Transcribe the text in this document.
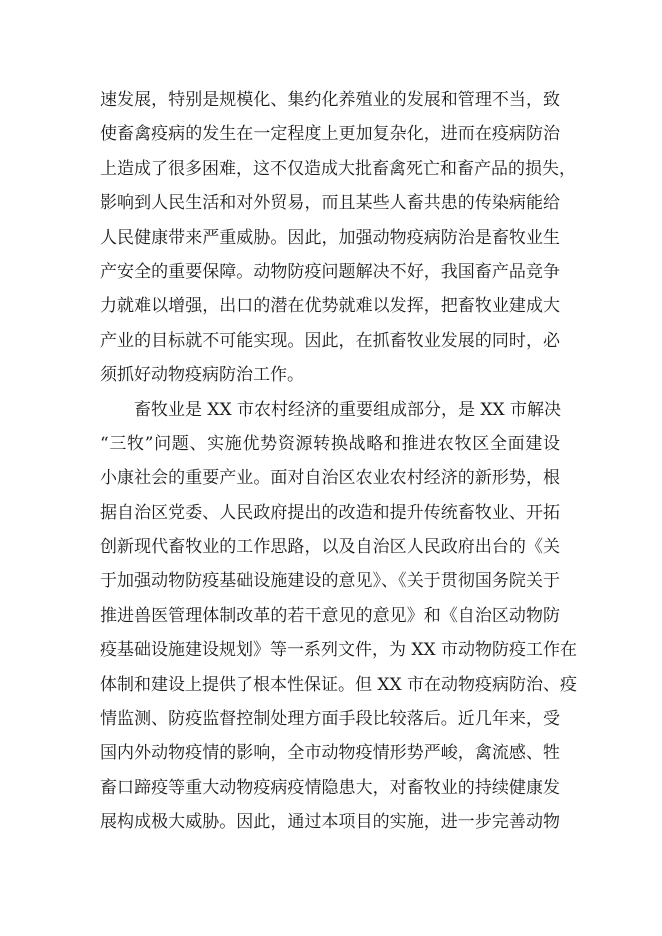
速发展，特别是规模化、集约化养殖业的发展和管理不当，致
使畜禽疫病的发生在一定程度上更加复杂化，进而在疫病防治
上造成了很多困难，这不仅造成大批畜禽死亡和畜产品的损失，
影响到人民生活和对外贸易，而且某些人畜共患的传染病能给
人民健康带来严重威胁。因此，加强动物疫病防治是畜牧业生
产安全的重要保障。动物防疫问题解决不好，我国畜产品竞争
力就难以增强，出口的潜在优势就难以发挥，把畜牧业建成大
产业的目标就不可能实现。因此，在抓畜牧业发展的同时，必
须抓好动物疫病防治工作。
畜牧业是 XX 市农村经济的重要组成部分，是 XX 市解决
“三牧”问题、实施优势资源转换战略和推进农牧区全面建设
小康社会的重要产业。面对自治区农业农村经济的新形势，根
据自治区党委、人民政府提出的改造和提升传统畜牧业、开拓
创新现代畜牧业的工作思路，以及自治区人民政府出台的《关
于加强动物防疫基础设施建设的意见》、《关于贯彻国务院关于
推进兽医管理体制改革的若干意见的意见》和《自治区动物防
疫基础设施建设规划》等一系列文件，为 XX 市动物防疫工作在
体制和建设上提供了根本性保证。但 XX 市在动物疫病防治、疫
情监测、防疫监督控制处理方面手段比较落后。近几年来，受
国内外动物疫情的影响，全市动物疫情形势严峻，禽流感、牲
畜口蹄疫等重大动物疫病疫情隐患大，对畜牧业的持续健康发
展构成极大威胁。因此，通过本项目的实施，进一步完善动物
